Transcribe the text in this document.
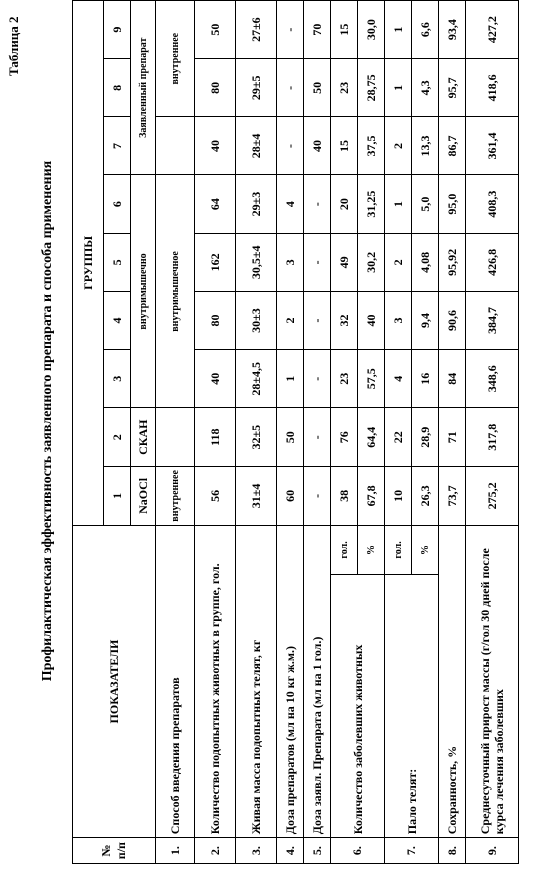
Таблица 2
Профилактическая эффективность заявленного препарата и способа применения
№ п/п	ПОКАЗАТЕЛИ		ГРУППЫ								
			1	2	3	4	5	6	7	8	9
			NaOCl	СКАН	внутримышечно				Заявленный препарат		
1.	Способ введения препаратов		внутреннее		внутримышечное					внутреннее	
2.	Количество подопытных животных в группе, гол.		56	118	40	80	162	64	40	80	50
3.	Живая масса подопытных телят, кг		31±4	32±5	28±4,5	30±3	30,5±4	29±3	28±4	29±5	27±6
4.	Доза препаратов (мл на 10 кг ж.м.)		60	50	1	2	3	4	-	-	-
5.	Доза заявл. Препарата (мл на 1 гол.)		-	-	-	-	-	-	40	50	70
6.	Количество заболевших животных	гол.	38	76	23	32	49	20	15	23	15
		%	67,8	64,4	57,5	40	30,2	31,25	37,5	28,75	30,0
7.	Пало телят:	гол.	10	22	4	3	2	1	2	1	1
		%	26,3	28,9	16	9,4	4,08	5,0	13,3	4,3	6,6
8.	Сохранность, %		73,7	71	84	90,6	95,92	95,0	86,7	95,7	93,4
9.	Среднесуточный прирост массы (г/гол 30 дней после курса лечения заболевших		275,2	317,8	348,6	384,7	426,8	408,3	361,4	418,6	427,2
